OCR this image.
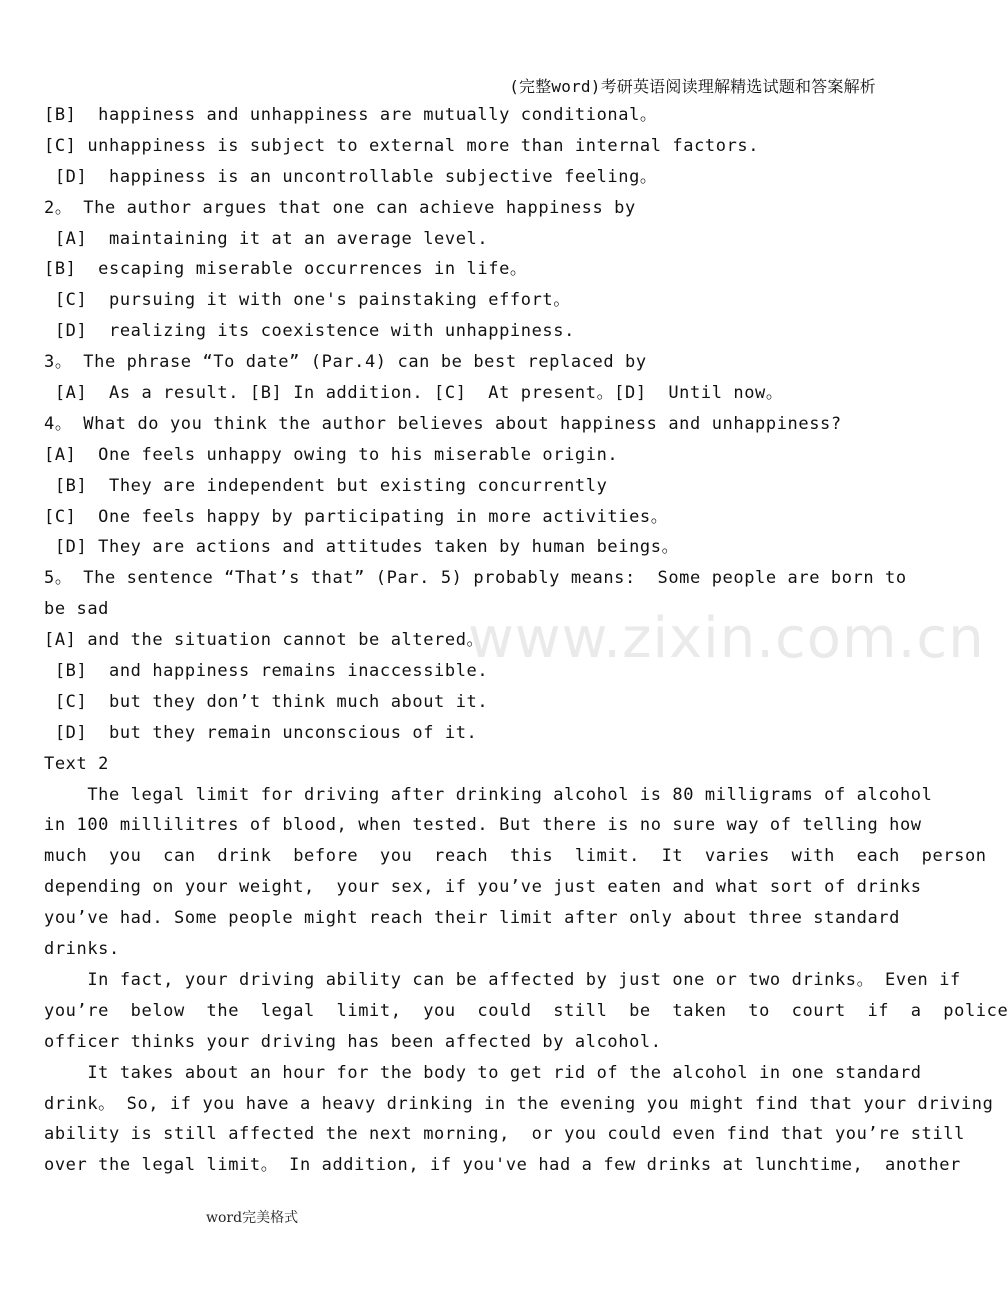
(完整word)考研英语阅读理解精选试题和答案解析
[B]  happiness and unhappiness are mutually conditional。
[C] unhappiness is subject to external more than internal factors.
[D]  happiness is an uncontrollable subjective feeling。
2。 The author argues that one can achieve happiness by
[A]  maintaining it at an average level.
[B]  escaping miserable occurrences in life。
[C]  pursuing it with one's painstaking effort。
[D]  realizing its coexistence with unhappiness.
3。 The phrase “To date” (Par.4) can be best replaced by
[A]  As a result. [B] In addition. [C]  At present。[D]  Until now。
4。 What do you think the author believes about happiness and unhappiness?
[A]  One feels unhappy owing to his miserable origin.
[B]  They are independent but existing concurrently
[C]  One feels happy by participating in more activities。
[D] They are actions and attitudes taken by human beings。
5。 The sentence “That’s that” (Par. 5) probably means:  Some people are born to
be sad
[A] and the situation cannot be altered。
[B]  and happiness remains inaccessible.
[C]  but they don’t think much about it.
[D]  but they remain unconscious of it.
Text 2
The legal limit for driving after drinking alcohol is 80 milligrams of alcohol
in 100 millilitres of blood, when tested. But there is no sure way of telling how
much  you  can  drink  before  you  reach  this  limit.  It  varies  with  each  person
depending on your weight,  your sex, if you’ve just eaten and what sort of drinks
you’ve had. Some people might reach their limit after only about three standard
drinks.
In fact, your driving ability can be affected by just one or two drinks。 Even if
you’re  below  the  legal  limit,  you  could  still  be  taken  to  court  if  a  police
officer thinks your driving has been affected by alcohol.
It takes about an hour for the body to get rid of the alcohol in one standard
drink。 So, if you have a heavy drinking in the evening you might find that your driving
ability is still affected the next morning,  or you could even find that you’re still
over the legal limit。 In addition, if you've had a few drinks at lunchtime,  another
www.zixin.com.cn
word完美格式
